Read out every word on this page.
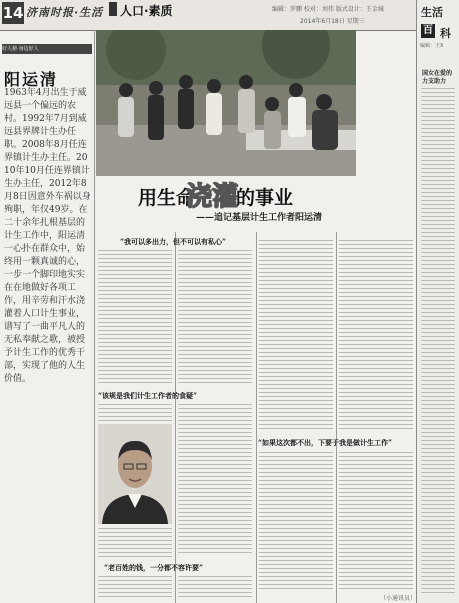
14 济南时报·生活 人口·素质	编辑：罗鹏 校对：刘伟 版式设计：王金城
2014年6月18日 星期三
生活
百 科
编辑：王X
国女在爱的
力支助力
好人榜·身边好人
阳运清
1963年4月出生于威远县一个偏远的农村。1992年7月到威远县界牌计生办任职。2008年8月任连界镇计生办主任。2010年10月任连界镇计生办主任，2012年8月8日因意外车祸以身殉职，年仅49岁。在二十余年扎根基层的计生工作中，阳运清一心扑在群众中，始终用一颗真诚的心，一步一个脚印地实实在在地做好各项工作，用辛劳和汗水浇灌着人口计生事业，谱写了一曲平凡人的无私奉献之歌，被授予计生工作的优秀干部，实现了他的人生价值。
用生命
浇灌
的事业
——追记基层计生工作者阳运清
“我可以多出力，但不可以有私心”
“该规是我们计生工作者的食疑”
“老百姓的钱，一分都不容许要”
“如果这次都不出，下要于我是做计生工作”
（小通讯员）
